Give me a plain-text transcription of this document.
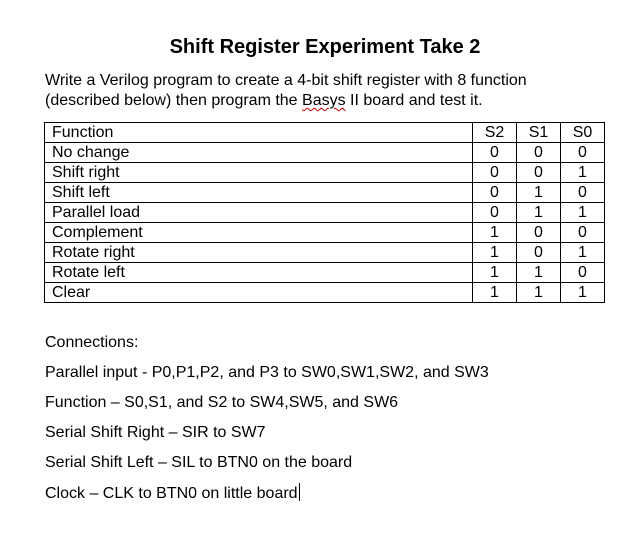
Shift Register Experiment Take 2
Write a Verilog program to create a 4-bit shift register with 8 function
(described below) then program the Basys II board and test it.
Function	S2	S1	S0
No change	0	0	0
Shift right	0	0	1
Shift left	0	1	0
Parallel load	0	1	1
Complement	1	0	0
Rotate right	1	0	1
Rotate left	1	1	0
Clear	1	1	1
Connections:
Parallel input - P0,P1,P2, and P3 to SW0,SW1,SW2, and SW3
Function – S0,S1, and S2 to SW4,SW5, and SW6
Serial Shift Right – SIR to SW7
Serial Shift Left – SIL to BTN0 on the board
Clock – CLK to BTN0 on little board
